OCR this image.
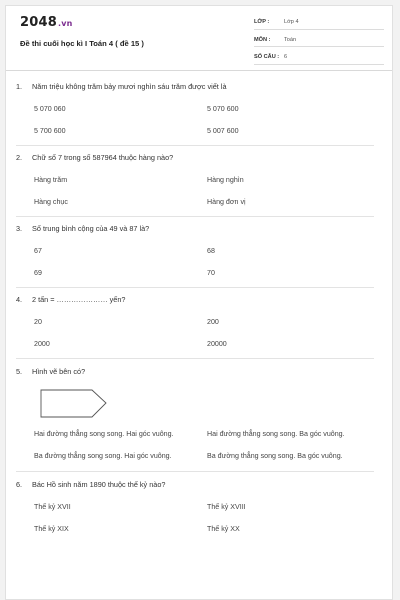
2048.vn
Đề thi cuối học kì I Toán 4 ( đề 15 )
LỚP :	Lớp 4
MÔN :	Toán
SỐ CÂU : 6
1.	Năm triệu không trăm bảy mươi nghìn sáu trăm được viết là
5 070 060	5 070 600
5 700 600	5 007 600
2.	Chữ số 7 trong số 587964 thuộc hàng nào?
Hàng trăm	Hàng nghìn
Hàng chục	Hàng đơn vị
3.	Số trung bình cộng của 49 và 87 là?
67	68
69	70
4.	2 tấn = ………………… yến?
20	200
2000	20000
5.	Hình vẽ bên có?
Hai đường thẳng song song. Hai góc vuông.	Hai đường thẳng song song. Ba góc vuông.
Ba đường thẳng song song. Hai góc vuông.	Ba đường thẳng song song. Ba góc vuông.
6.	Bác Hồ sinh năm 1890 thuộc thế kỷ nào?
Thế kỷ XVII	Thế kỷ XVIII
Thế kỷ XIX	Thế kỷ XX
